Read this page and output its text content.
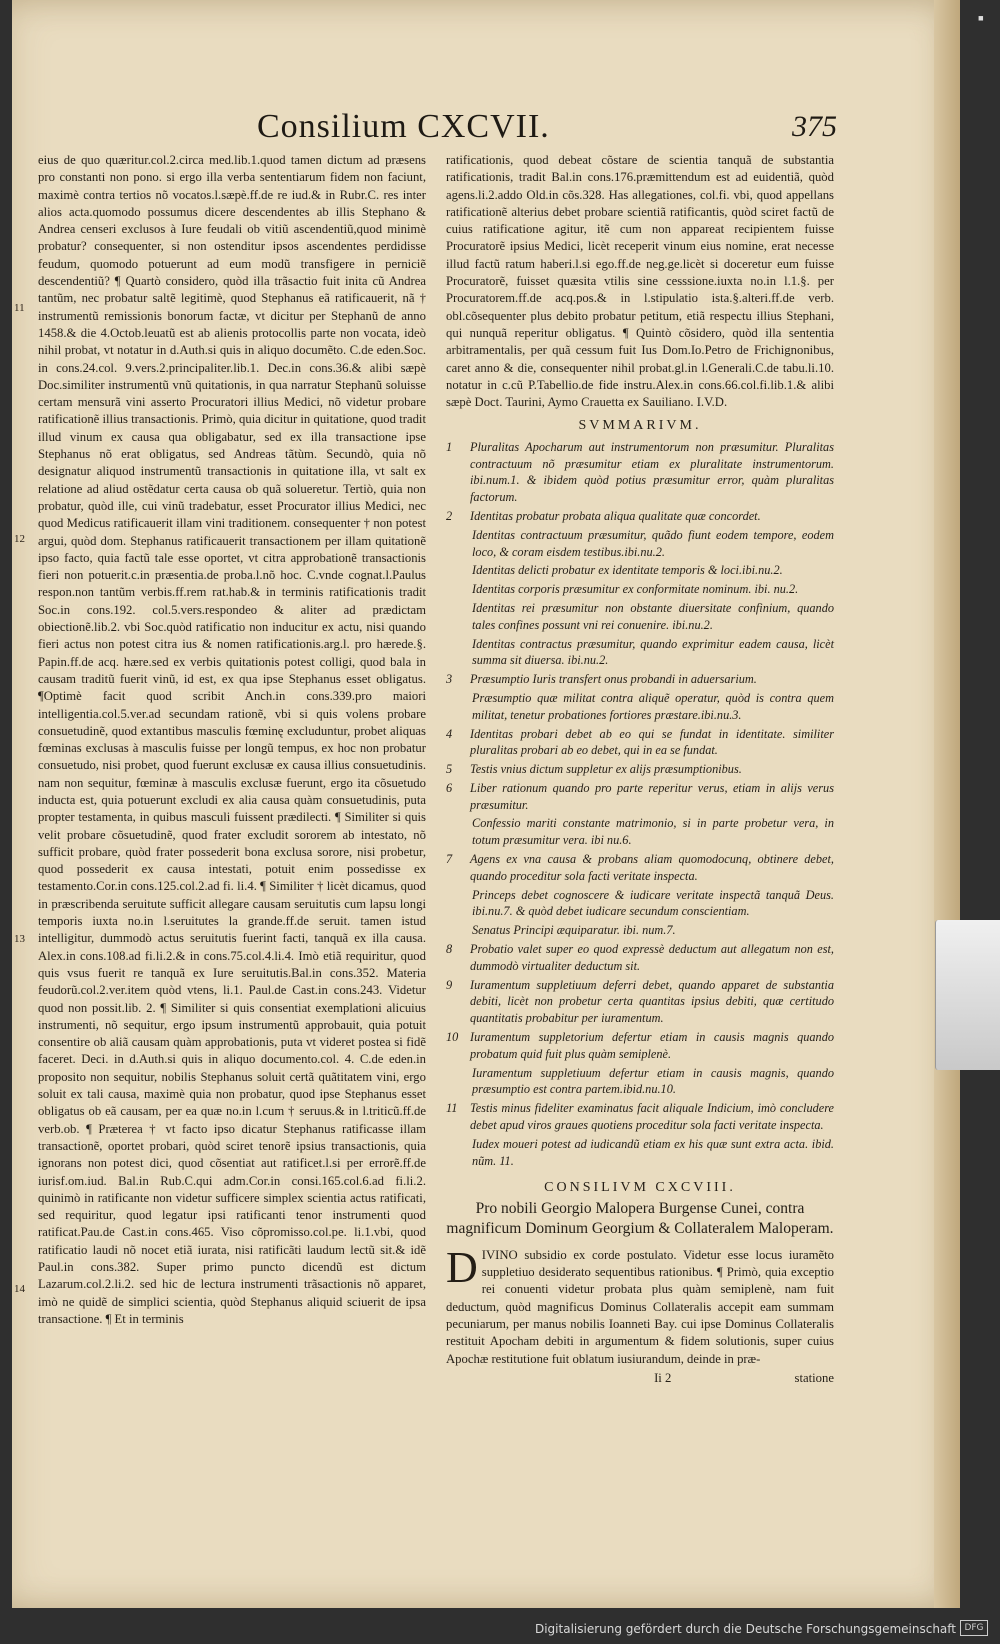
Consilium CXCVII.	375

eius de quo quæritur.col.2.circa med.lib.1.quod tamen dictum ad præsens pro constanti non pono. si ergo illa verba sententiarum fidem non faciunt, maximè contra tertios nõ vocatos.l.sæpè.ff.de re iud.& in Rubr.C. res inter alios acta.quomodo possumus dicere descendentes ab illis Stephano & Andrea censeri exclusos à Iure feudali ob vitiũ ascendentiũ,quod minimè probatur? consequenter, si non ostenditur ipsos ascendentes perdidisse feudum, quomodo potuerunt ad eum modũ transfigere in perniciẽ descendentiũ? ¶ Quartò considero, quòd illa trãsactio fuit inita cũ Andrea tantũm, nec probatur saltẽ legitimè, quod Stephanus eã ratificauerit, nã † instrumentũ remissionis bonorum factæ, vt dicitur per Stephanũ de anno 1458.& die 4.Octob.leuatũ est ab alienis protocollis parte non vocata, ideò nihil probat, vt notatur in d.Auth.si quis in aliquo documẽto. C.de eden.Soc. in cons.24.col. 9.vers.2.principaliter.lib.1. Dec.in cons.36.& alibi sæpè Doc.similiter instrumentũ vnũ quitationis, in qua narratur Stephanũ soluisse certam mensurã vini asserto Procuratori illius Medici, nõ videtur probare ratificationẽ illius transactionis. Primò, quia dicitur in quitatione, quod tradit illud vinum ex causa qua obligabatur, sed ex illa transactione ipse Stephanus nõ erat obligatus, sed Andreas tãtùm. Secundò, quia nõ designatur aliquod instrumentũ transactionis in quitatione illa, vt salt ex relatione ad aliud ostẽdatur certa causa ob quã solueretur. Tertiò, quia non probatur, quòd ille, cui vinũ tradebatur, esset Procurator illius Medici, nec quod Medicus ratificauerit illam vini traditionem. consequenter † non potest argui, quòd dom. Stephanus ratificauerit transactionem per illam quitationẽ ipso facto, quia factũ tale esse oportet, vt citra approbationẽ transactionis fieri non potuerit.c.in præsentia.de proba.l.nõ hoc. C.vnde cognat.l.Paulus respon.non tantũm verbis.ff.rem rat.hab.& in terminis ratificationis tradit Soc.in cons.192. col.5.vers.respondeo & aliter ad prædictam obiectionẽ.lib.2. vbi Soc.quòd ratificatio non inducitur ex actu, nisi quando fieri actus non potest citra ius & nomen ratificationis.arg.l. pro hærede.§. Papin.ff.de acq. hære.sed ex verbis quitationis potest colligi, quod bala in causam traditũ fuerit vinũ, id est, ex qua ipse Stephanus esset obligatus. ¶Optimè facit quod scribit Anch.in cons.339.pro maiori intelligentia.col.5.ver.ad secundam rationẽ, vbi si quis volens probare consuetudinẽ, quod extantibus masculis fœminę excluduntur, probet aliquas fœminas exclusas à masculis fuisse per longũ tempus, ex hoc non probatur consuetudo, nisi probet, quod fuerunt exclusæ ex causa illius consuetudinis. nam non sequitur, fœminæ à masculis exclusæ fuerunt, ergo ita cõsuetudo inducta est, quia potuerunt excludi ex alia causa quàm consuetudinis, puta propter testamenta, in quibus masculi fuissent prædilecti. ¶ Similiter si quis velit probare cõsuetudinẽ, quod frater excludit sororem ab intestato, nõ sufficit probare, quòd frater possederit bona exclusa sorore, nisi probetur, quod possederit ex causa intestati, potuit enim possedisse ex testamento.Cor.in cons.125.col.2.ad fi. li.4. ¶ Similiter † licèt dicamus, quod in præscribenda seruitute sufficit allegare causam seruitutis cum lapsu longi temporis iuxta no.in l.seruitutes la grande.ff.de seruit. tamen istud intelligitur, dummodò actus seruitutis fuerint facti, tanquã ex illa causa. Alex.in cons.108.ad fi.li.2.& in cons.75.col.4.li.4. Imò etiã requiritur, quod quis vsus fuerit re tanquã ex Iure seruitutis.Bal.in cons.352. Materia feudorũ.col.2.ver.item quòd vtens, li.1. Paul.de Cast.in cons.243. Videtur quod non possit.lib. 2. ¶ Similiter si quis consentiat exemplationi alicuius instrumenti, nõ sequitur, ergo ipsum instrumentũ approbauit, quia potuit consentire ob aliã causam quàm approbationis, puta vt videret postea si fidẽ faceret. Deci. in d.Auth.si quis in aliquo documento.col. 4. C.de eden.in proposito non sequitur, nobilis Stephanus soluit certã quãtitatem vini, ergo soluit ex tali causa, maximè quia non probatur, quod ipse Stephanus esset obligatus ob eã causam, per ea quæ no.in l.cum † seruus.& in l.triticũ.ff.de verb.ob. ¶ Præterea † vt facto ipso dicatur Stephanus ratificasse illam transactionẽ, oportet probari, quòd sciret tenorẽ ipsius transactionis, quia ignorans non potest dici, quod cõsentiat aut ratificet.l.si per errorẽ.ff.de iurisf.om.iud. Bal.in Rub.C.qui adm.Cor.in consi.165.col.6.ad fi.li.2. quinimò in ratificante non videtur sufficere simplex scientia actus ratificati, sed requiritur, quod legatur ipsi ratificanti tenor instrumenti quod ratificat.Pau.de Cast.in cons.465. Viso cõpromisso.col.pe. li.1.vbi, quod ratificatio laudi nõ nocet etiã iurata, nisi ratificãti laudum lectũ sit.& idẽ Paul.in cons.382. Super primo puncto dicendũ est dictum Lazarum.col.2.li.2. sed hic de lectura instrumenti trãsactionis nõ apparet, imò ne quidẽ de simplici scientia, quòd Stephanus aliquid sciuerit de ipsa transactione. ¶ Et in terminis

11
12
13
14

ratificationis, quod debeat cõstare de scientia tanquã de substantia ratificationis, tradit Bal.in cons.176.præmittendum est ad euidentiã, quòd agens.li.2.addo Old.in cõs.328. Has allegationes, col.fi. vbi, quod appellans ratificationẽ alterius debet probare scientiã ratificantis, quòd sciret factũ de cuius ratificatione agitur, itẽ cum non appareat recipientem fuisse Procuratorẽ ipsius Medici, licèt receperit vinum eius nomine, erat necesse illud factũ ratum haberi.l.si ego.ff.de neg.ge.licèt si doceretur eum fuisse Procuratorẽ, fuisset quæsita vtilis sine cesssione.iuxta no.in l.1.§. per Procuratorem.ff.de acq.pos.& in l.stipulatio ista.§.alteri.ff.de verb. obl.cõsequenter plus debito probatur petitum, etiã respectu illius Stephani, qui nunquã reperitur obligatus. ¶ Quintò cõsidero, quòd illa sententia arbitramentalis, per quã cessum fuit Ius Dom.Io.Petro de Frichignonibus, caret anno & die, consequenter nihil probat.gl.in l.Generali.C.de tabu.li.10. notatur in c.cũ P.Tabellio.de fide instru.Alex.in cons.66.col.fi.lib.1.& alibi sæpè Doct. Taurini, Aymo Crauetta ex Sauiliano. I.V.D.

SVMMARIVM.
1 Pluralitas Apocharum aut instrumentorum non præsumitur. Pluralitas contractuum nõ præsumitur etiam ex pluralitate instrumentorum. ibi.num.1. & ibidem quòd potius præsumitur error, quàm pluralitas factorum.
2 Identitas probatur probata aliqua qualitate quæ concordet.
Identitas contractuum præsumitur, quãdo fiunt eodem tempore, eodem loco, & coram eisdem testibus.ibi.nu.2.
Identitas delicti probatur ex identitate temporis & loci.ibi.nu.2.
Identitas corporis præsumitur ex conformitate nominum. ibi. nu.2.
Identitas rei præsumitur non obstante diuersitate confinium, quando tales confines possunt vni rei conuenire. ibi.nu.2.
Identitas contractus præsumitur, quando exprimitur eadem causa, licèt summa sit diuersa. ibi.nu.2.
3 Præsumptio Iuris transfert onus probandi in aduersarium.
Præsumptio quæ militat contra aliquẽ operatur, quòd is contra quem militat, tenetur probationes fortiores præstare.ibi.nu.3.
4 Identitas probari debet ab eo qui se fundat in identitate. similiter pluralitas probari ab eo debet, qui in ea se fundat.
5 Testis vnius dictum suppletur ex alijs præsumptionibus.
6 Liber rationum quando pro parte reperitur verus, etiam in alijs verus præsumitur.
Confessio mariti constante matrimonio, si in parte probetur vera, in totum præsumitur vera. ibi nu.6.
7 Agens ex vna causa & probans aliam quomodocunq, obtinere debet, quando proceditur sola facti veritate inspecta.
Princeps debet cognoscere & iudicare veritate inspectã tanquã Deus. ibi.nu.7. & quòd debet iudicare secundum conscientiam.
Senatus Principi æquiparatur. ibi. num.7.
8 Probatio valet super eo quod expressè deductum aut allegatum non est, dummodò virtualiter deductum sit.
9 Iuramentum suppletiuum deferri debet, quando apparet de substantia debiti, licèt non probetur certa quantitas ipsius debiti, quæ certitudo quantitatis probabitur per iuramentum.
10 Iuramentum suppletorium defertur etiam in causis magnis quando probatum quid fuit plus quàm semiplenè.
Iuramentum suppletiuum defertur etiam in causis magnis, quando præsumptio est contra partem.ibid.nu.10.
11 Testis minus fideliter examinatus facit aliquale Indicium, imò concludere debet apud viros graues quotiens proceditur sola facti veritate inspecta.
Iudex moueri potest ad iudicandũ etiam ex his quæ sunt extra acta. ibid. nũm. 11.
CONSILIVM CXCVIII.
Pro nobili Georgio Malopera Burgense Cunei, contra magnificum Dominum Georgium & Collateralem Maloperam.

DIVINO subsidio ex corde postulato. Videtur esse locus iuramẽto suppletiuo desiderato sequentibus rationibus. ¶ Primò, quia exceptio rei conuenti videtur probata plus quàm semiplenè, nam fuit deductum, quòd magnificus Dominus Collateralis accepit eam summam pecuniarum, per manus nobilis Ioanneti Bay. cui ipse Dominus Collateralis restituit Apocham debiti in argumentum & fidem solutionis, super cuius Apochæ restitutione fuit oblatum iusiurandum, deinde in præ-

Ii 2	statione
▪
Digitalisierung gefördert durch die Deutsche Forschungsgemeinschaft DFG
